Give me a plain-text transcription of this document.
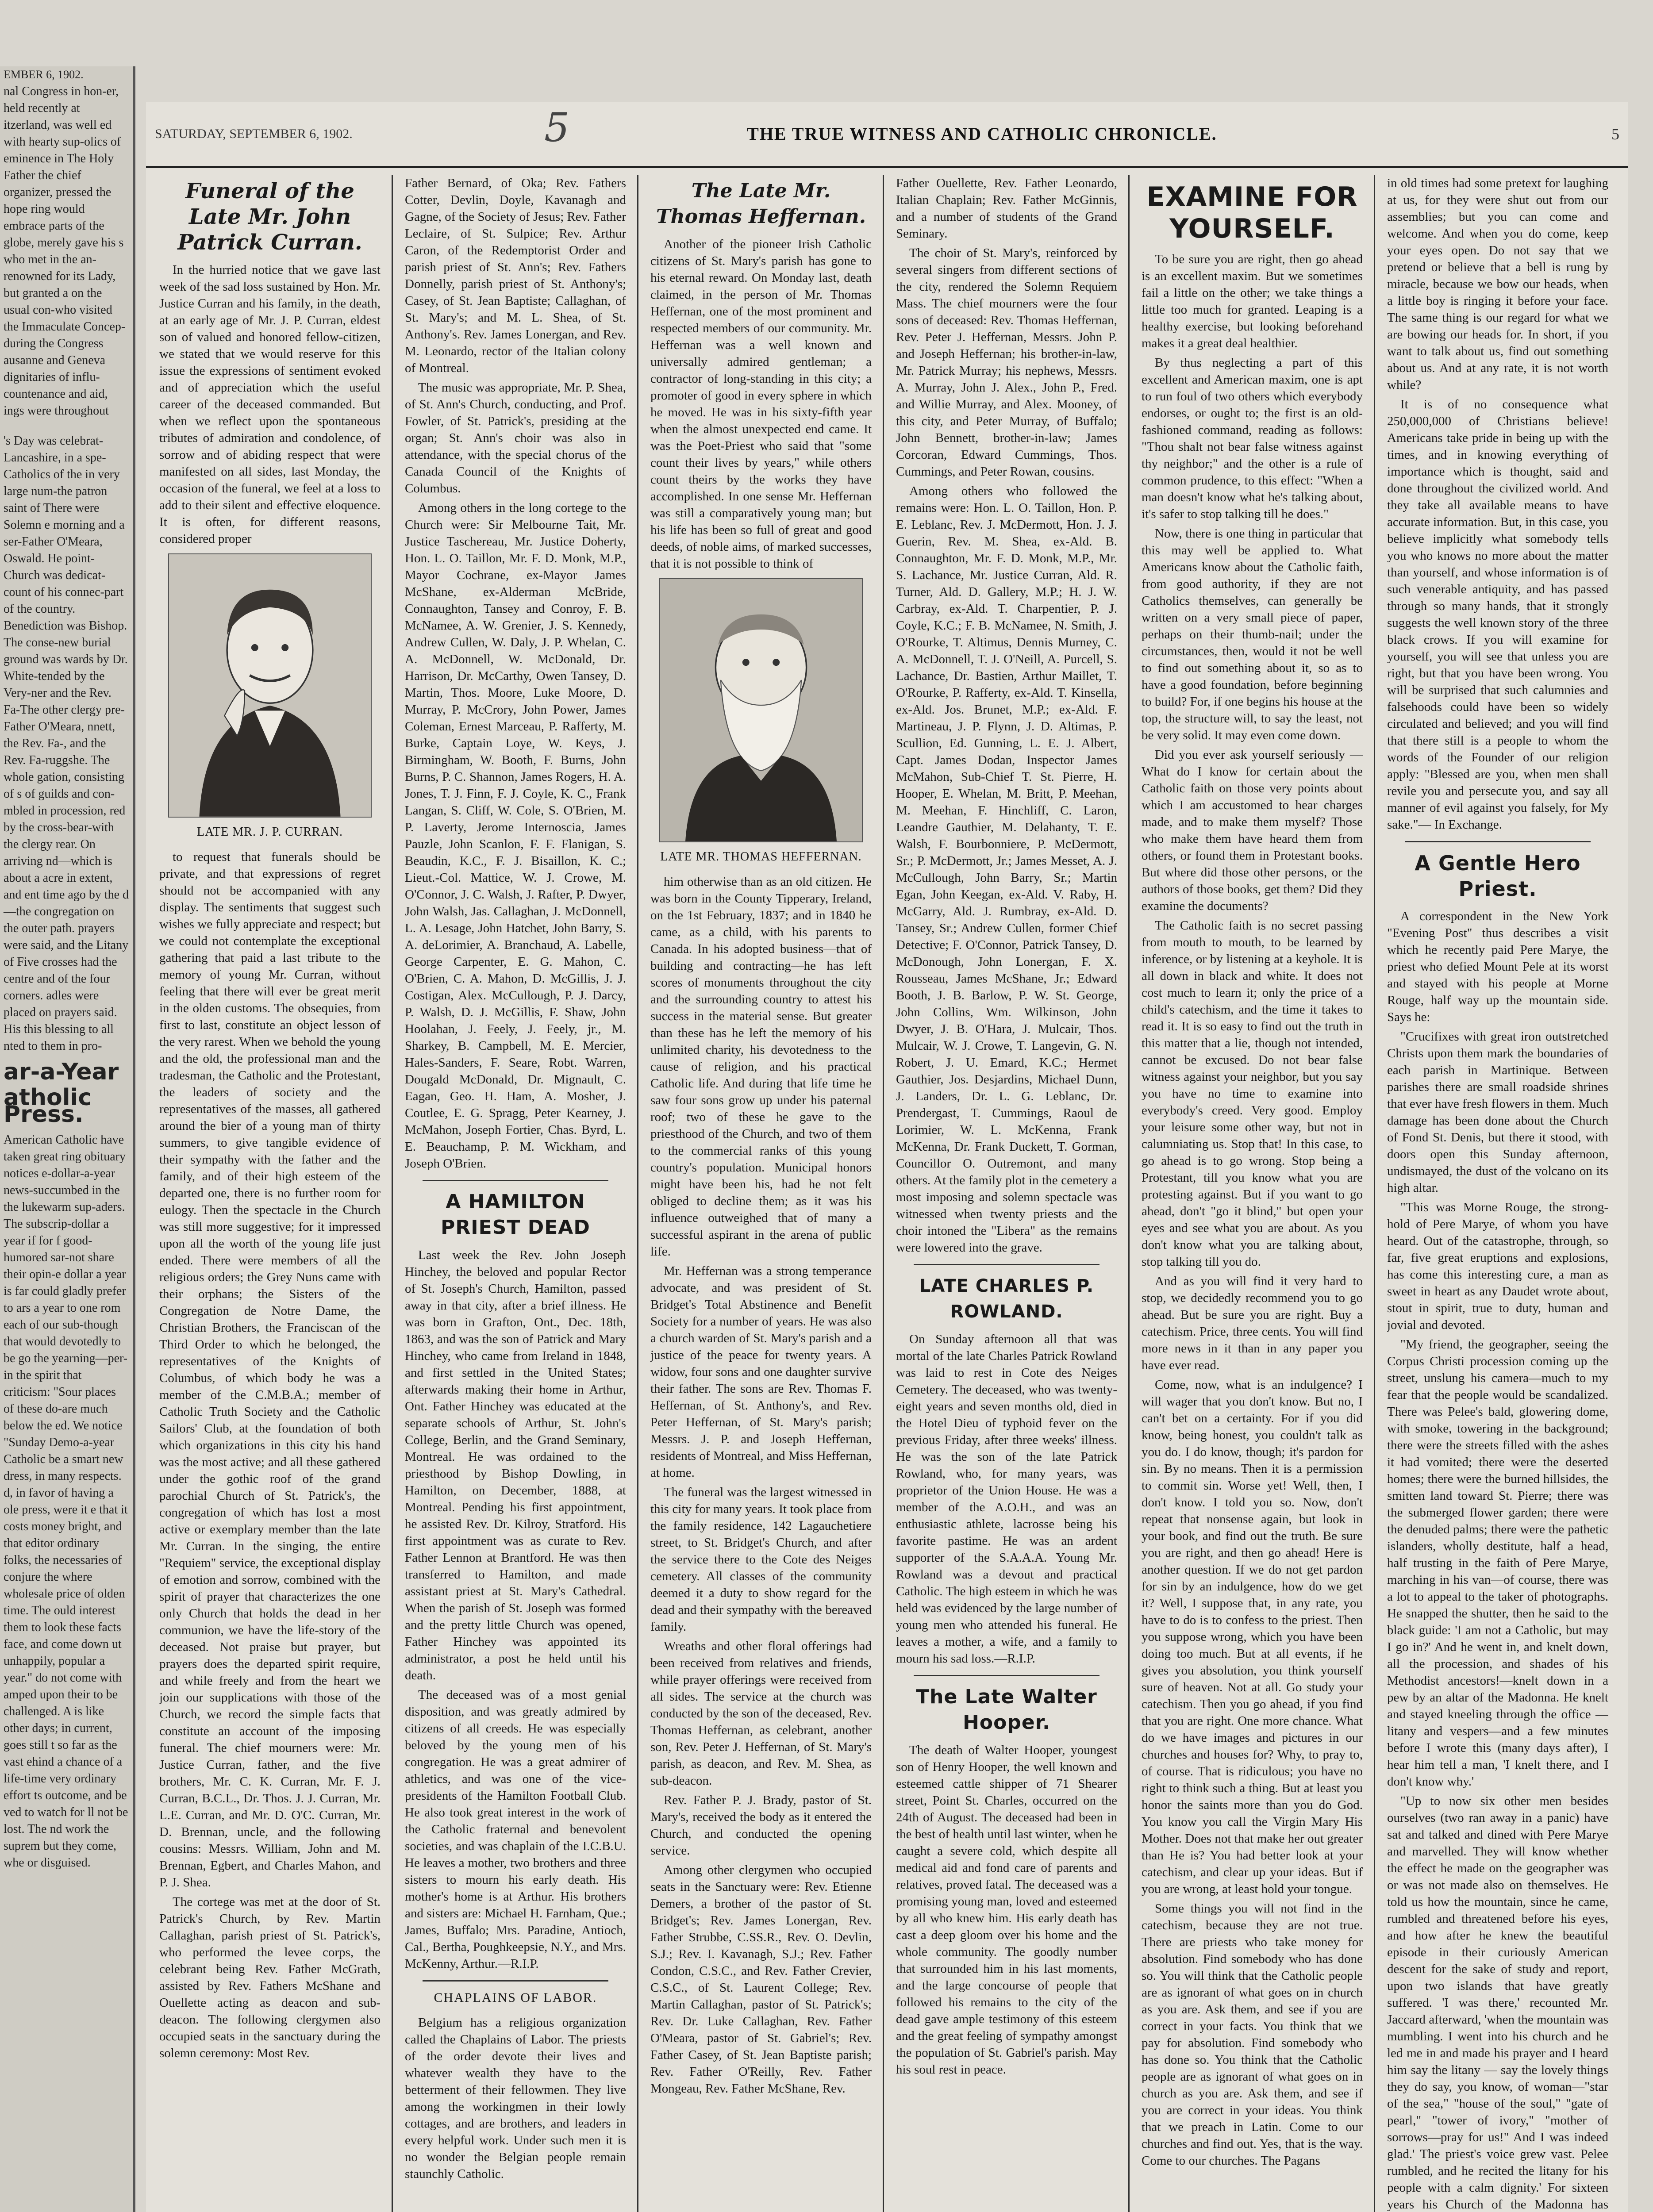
EMBER 6, 1902.

nal Congress in hon-er, held recently at itzerland, was well ed with hearty sup-olics of eminence in The Holy Father the chief organizer, pressed the hope ring would embrace parts of the globe, merely gave his s who met in the an-renowned for its Lady, but granted a on the usual con-who visited the Immaculate Concep-during the Congress ausanne and Geneva dignitaries of influ-countenance and aid, ings were throughout

's Day was celebrat-Lancashire, in a spe-Catholics of the in very large num-the patron saint of There were Solemn e morning and a ser-Father O'Meara, Oswald. He point-Church was dedicat-count of his connec-part of the country. Benediction was Bishop. The conse-new burial ground was wards by Dr. White-tended by the Very-ner and the Rev. Fa-The other clergy pre-Father O'Meara, nnett, the Rev. Fa-, and the Rev. Fa-ruggshe. The whole gation, consisting of s of guilds and con-mbled in procession, red by the cross-bear-with the clergy rear. On arriving nd—which is about a acre in extent, and ent time ago by the d—the congregation on the outer path. prayers were said, and the Litany of Five crosses had the centre and of the four corners. adles were placed on prayers said. His this blessing to all nted to them in pro-

ar-a-Year
atholic Press.

American Catholic have taken great ring obituary notices e-dollar-a-year news-succumbed in the the lukewarm sup-aders. The subscrip-dollar a year if for f good-humored sar-not share their opin-e dollar a year is far could gladly prefer to ars a year to one rom each of our sub-though that would devotedly to be go the yearning—per-in the spirit that criticism: "Sour places of these do-are much below the ed. We notice "Sunday Demo-a-year Catholic be a smart new dress, in many respects. d, in favor of having a ole press, were it e that it costs money bright, and that editor ordinary folks, the necessaries of conjure the where wholesale price of olden time. The ould interest them to look these facts face, and come down ut unhappily, popular a year." do not come with amped upon their to be challenged. A is like other days; in current, goes still t so far as the vast ehind a chance of a life-time very ordinary effort ts outcome, and be ved to watch for ll not be lost. The nd work the suprem but they come, whe or disguised.

SATURDAY, SEPTEMBER 6, 1902.	5	THE TRUE WITNESS AND CATHOLIC CHRONICLE.	5
Funeral of the Late Mr. John Patrick Curran.

In the hurried notice that we gave last week of the sad loss sustained by Hon. Mr. Justice Curran and his family, in the death, at an early age of Mr. J. P. Curran, eldest son of valued and honored fellow-citizen, we stated that we would reserve for this issue the expressions of sentiment evoked and of appreciation which the useful career of the deceased commanded. But when we reflect upon the spontaneous tributes of admiration and condolence, of sorrow and of abiding respect that were manifested on all sides, last Monday, the occasion of the funeral, we feel at a loss to add to their silent and effective eloquence. It is often, for different reasons, considered proper

LATE MR. J. P. CURRAN.

to request that funerals should be private, and that expressions of regret should not be accompanied with any display. The sentiments that suggest such wishes we fully appreciate and respect; but we could not contemplate the exceptional gathering that paid a last tribute to the memory of young Mr. Curran, without feeling that there will ever be great merit in the olden customs. The obsequies, from first to last, constitute an object lesson of the very rarest. When we behold the young and the old, the professional man and the tradesman, the Catholic and the Protestant, the leaders of society and the representatives of the masses, all gathered around the bier of a young man of thirty summers, to give tangible evidence of their sympathy with the father and the family, and of their high esteem of the departed one, there is no further room for eulogy. Then the spectacle in the Church was still more suggestive; for it impressed upon all the worth of the young life just ended. There were members of all the religious orders; the Grey Nuns came with their orphans; the Sisters of the Congregation de Notre Dame, the Christian Brothers, the Franciscan of the Third Order to which he belonged, the representatives of the Knights of Columbus, of which body he was a member of the C.M.B.A.; member of Catholic Truth Society and the Catholic Sailors' Club, at the foundation of both which organizations in this city his hand was the most active; and all these gathered under the gothic roof of the grand parochial Church of St. Patrick's, the congregation of which has lost a most active or exemplary member than the late Mr. Curran. In the singing, the entire "Requiem" service, the exceptional display of emotion and sorrow, combined with the spirit of prayer that characterizes the one only Church that holds the dead in her communion, we have the life-story of the deceased. Not praise but prayer, but prayers does the departed spirit require, and while freely and from the heart we join our supplications with those of the Church, we record the simple facts that constitute an account of the imposing funeral. The chief mourners were: Mr. Justice Curran, father, and the five brothers, Mr. C. K. Curran, Mr. F. J. Curran, B.C.L., Dr. Thos. J. J. Curran, Mr. L.E. Curran, and Mr. D. O'C. Curran, Mr. D. Brennan, uncle, and the following cousins: Messrs. William, John and M. Brennan, Egbert, and Charles Mahon, and P. J. Shea.

The cortege was met at the door of St. Patrick's Church, by Rev. Martin Callaghan, parish priest of St. Patrick's, who performed the levee corps, the celebrant being Rev. Father McGrath, assisted by Rev. Fathers McShane and Ouellette acting as deacon and sub-deacon. The following clergymen also occupied seats in the sanctuary during the solemn ceremony: Most Rev.

Father Bernard, of Oka; Rev. Fathers Cotter, Devlin, Doyle, Kavanagh and Gagne, of the Society of Jesus; Rev. Father Leclaire, of St. Sulpice; Rev. Arthur Caron, of the Redemptorist Order and parish priest of St. Ann's; Rev. Fathers Donnelly, parish priest of St. Anthony's; Casey, of St. Jean Baptiste; Callaghan, of St. Mary's; and M. L. Shea, of St. Anthony's. Rev. James Lonergan, and Rev. M. Leonardo, rector of the Italian colony of Montreal.

The music was appropriate, Mr. P. Shea, of St. Ann's Church, conducting, and Prof. Fowler, of St. Patrick's, presiding at the organ; St. Ann's choir was also in attendance, with the special chorus of the Canada Council of the Knights of Columbus.

Among others in the long cortege to the Church were: Sir Melbourne Tait, Mr. Justice Taschereau, Mr. Justice Doherty, Hon. L. O. Taillon, Mr. F. D. Monk, M.P., Mayor Cochrane, ex-Mayor James McShane, ex-Alderman McBride, Connaughton, Tansey and Conroy, F. B. McNamee, A. W. Grenier, J. S. Kennedy, Andrew Cullen, W. Daly, J. P. Whelan, C. A. McDonnell, W. McDonald, Dr. Harrison, Dr. McCarthy, Owen Tansey, D. Martin, Thos. Moore, Luke Moore, D. Murray, P. McCrory, John Power, James Coleman, Ernest Marceau, P. Rafferty, M. Burke, Captain Loye, W. Keys, J. Birmingham, W. Booth, F. Burns, John Burns, P. C. Shannon, James Rogers, H. A. Jones, T. J. Finn, F. J. Coyle, K. C., Frank Langan, S. Cliff, W. Cole, S. O'Brien, M. P. Laverty, Jerome Internoscia, James Pauzle, John Scanlon, F. F. Flanigan, S. Beaudin, K.C., F. J. Bisaillon, K. C.; Lieut.-Col. Mattice, W. J. Crowe, M. O'Connor, J. C. Walsh, J. Rafter, P. Dwyer, John Walsh, Jas. Callaghan, J. McDonnell, L. A. Lesage, John Hatchet, John Barry, S. A. deLorimier, A. Branchaud, A. Labelle, George Carpenter, E. G. Mahon, C. O'Brien, C. A. Mahon, D. McGillis, J. J. Costigan, Alex. McCullough, P. J. Darcy, P. Walsh, D. J. McGillis, F. Shaw, John Hoolahan, J. Feely, J. Feely, jr., M. Sharkey, B. Campbell, M. E. Mercier, Hales-Sanders, F. Seare, Robt. Warren, Dougald McDonald, Dr. Mignault, C. Eagan, Geo. H. Ham, A. Mosher, J. Coutlee, E. G. Spragg, Peter Kearney, J. McMahon, Joseph Fortier, Chas. Byrd, L. E. Beauchamp, P. M. Wickham, and Joseph O'Brien.

A HAMILTON PRIEST DEAD

Last week the Rev. John Joseph Hinchey, the beloved and popular Rector of St. Joseph's Church, Hamilton, passed away in that city, after a brief illness. He was born in Grafton, Ont., Dec. 18th, 1863, and was the son of Patrick and Mary Hinchey, who came from Ireland in 1848, and first settled in the United States; afterwards making their home in Arthur, Ont. Father Hinchey was educated at the separate schools of Arthur, St. John's College, Berlin, and the Grand Seminary, Montreal. He was ordained to the priesthood by Bishop Dowling, in Hamilton, on December, 1888, at Montreal. Pending his first appointment, he assisted Rev. Dr. Kilroy, Stratford. His first appointment was as curate to Rev. Father Lennon at Brantford. He was then transferred to Hamilton, and made assistant priest at St. Mary's Cathedral. When the parish of St. Joseph was formed and the pretty little Church was opened, Father Hinchey was appointed its administrator, a post he held until his death.

The deceased was of a most genial disposition, and was greatly admired by citizens of all creeds. He was especially beloved by the young men of his congregation. He was a great admirer of athletics, and was one of the vice-presidents of the Hamilton Football Club. He also took great interest in the work of the Catholic fraternal and benevolent societies, and was chaplain of the I.C.B.U. He leaves a mother, two brothers and three sisters to mourn his early death. His mother's home is at Arthur. His brothers and sisters are: Michael H. Farnham, Que.; James, Buffalo; Mrs. Paradine, Antioch, Cal., Bertha, Poughkeepsie, N.Y., and Mrs. McKenny, Arthur.—R.I.P.

CHAPLAINS OF LABOR.

Belgium has a religious organization called the Chaplains of Labor. The priests of the order devote their lives and whatever wealth they have to the betterment of their fellowmen. They live among the workingmen in their lowly cottages, and are brothers, and leaders in every helpful work. Under such men it is no wonder the Belgian people remain staunchly Catholic.

The Late Mr. Thomas Heffernan.

Another of the pioneer Irish Catholic citizens of St. Mary's parish has gone to his eternal reward. On Monday last, death claimed, in the person of Mr. Thomas Heffernan, one of the most prominent and respected members of our community. Mr. Heffernan was a well known and universally admired gentleman; a contractor of long-standing in this city; a promoter of good in every sphere in which he moved. He was in his sixty-fifth year when the almost unexpected end came. It was the Poet-Priest who said that "some count their lives by years," while others count theirs by the works they have accomplished. In one sense Mr. Heffernan was still a comparatively young man; but his life has been so full of great and good deeds, of noble aims, of marked successes, that it is not possible to think of

LATE MR. THOMAS HEFFERNAN.

him otherwise than as an old citizen. He was born in the County Tipperary, Ireland, on the 1st February, 1837; and in 1840 he came, as a child, with his parents to Canada. In his adopted business—that of building and contracting—he has left scores of monuments throughout the city and the surrounding country to attest his success in the material sense. But greater than these has he left the memory of his unlimited charity, his devotedness to the cause of religion, and his practical Catholic life. And during that life time he saw four sons grow up under his paternal roof; two of these he gave to the priesthood of the Church, and two of them to the commercial ranks of this young country's population. Municipal honors might have been his, had he not felt obliged to decline them; as it was his influence outweighed that of many a successful aspirant in the arena of public life.

Mr. Heffernan was a strong temperance advocate, and was president of St. Bridget's Total Abstinence and Benefit Society for a number of years. He was also a church warden of St. Mary's parish and a justice of the peace for twenty years. A widow, four sons and one daughter survive their father. The sons are Rev. Thomas F. Heffernan, of St. Anthony's, and Rev. Peter Heffernan, of St. Mary's parish; Messrs. J. P. and Joseph Heffernan, residents of Montreal, and Miss Heffernan, at home.

The funeral was the largest witnessed in this city for many years. It took place from the family residence, 142 Lagauchetiere street, to St. Bridget's Church, and after the service there to the Cote des Neiges cemetery. All classes of the community deemed it a duty to show regard for the dead and their sympathy with the bereaved family.

Wreaths and other floral offerings had been received from relatives and friends, while prayer offerings were received from all sides. The service at the church was conducted by the son of the deceased, Rev. Thomas Heffernan, as celebrant, another son, Rev. Peter J. Heffernan, of St. Mary's parish, as deacon, and Rev. M. Shea, as sub-deacon.

Rev. Father P. J. Brady, pastor of St. Mary's, received the body as it entered the Church, and conducted the opening service.

Among other clergymen who occupied seats in the Sanctuary were: Rev. Etienne Demers, a brother of the pastor of St. Bridget's; Rev. James Lonergan, Rev. Father Strubbe, C.SS.R., Rev. O. Devlin, S.J.; Rev. I. Kavanagh, S.J.; Rev. Father Condon, C.S.C., and Rev. Father Crevier, C.S.C., of St. Laurent College; Rev. Martin Callaghan, pastor of St. Patrick's; Rev. Dr. Luke Callaghan, Rev. Father O'Meara, pastor of St. Gabriel's; Rev. Father Casey, of St. Jean Baptiste parish; Rev. Father O'Reilly, Rev. Father Mongeau, Rev. Father McShane, Rev.

Father Ouellette, Rev. Father Leonardo, Italian Chaplain; Rev. Father McGinnis, and a number of students of the Grand Seminary.

The choir of St. Mary's, reinforced by several singers from different sections of the city, rendered the Solemn Requiem Mass. The chief mourners were the four sons of deceased: Rev. Thomas Heffernan, Rev. Peter J. Heffernan, Messrs. John P. and Joseph Heffernan; his brother-in-law, Mr. Patrick Murray; his nephews, Messrs. A. Murray, John J. Alex., John P., Fred. and Willie Murray, and Alex. Mooney, of this city, and Peter Murray, of Buffalo; John Bennett, brother-in-law; James Corcoran, Edward Cummings, Thos. Cummings, and Peter Rowan, cousins.

Among others who followed the remains were: Hon. L. O. Taillon, Hon. P. E. Leblanc, Rev. J. McDermott, Hon. J. J. Guerin, Rev. M. Shea, ex-Ald. B. Connaughton, Mr. F. D. Monk, M.P., Mr. S. Lachance, Mr. Justice Curran, Ald. R. Turner, Ald. D. Gallery, M.P.; H. J. W. Carbray, ex-Ald. T. Charpentier, P. J. Coyle, K.C.; F. B. McNamee, N. Smith, J. O'Rourke, T. Altimus, Dennis Murney, C. A. McDonnell, T. J. O'Neill, A. Purcell, S. Lachance, Dr. Bastien, Arthur Maillet, T. O'Rourke, P. Rafferty, ex-Ald. T. Kinsella, ex-Ald. Jos. Brunet, M.P.; ex-Ald. F. Martineau, J. P. Flynn, J. D. Altimas, P. Scullion, Ed. Gunning, L. E. J. Albert, Capt. James Dodan, Inspector James McMahon, Sub-Chief T. St. Pierre, H. Hooper, E. Whelan, M. Britt, P. Meehan, M. Meehan, F. Hinchliff, C. Laron, Leandre Gauthier, M. Delahanty, T. E. Walsh, F. Bourbonniere, P. McDermott, Sr.; P. McDermott, Jr.; James Messet, A. J. McCullough, John Barry, Sr.; Martin Egan, John Keegan, ex-Ald. V. Raby, H. McGarry, Ald. J. Rumbray, ex-Ald. D. Tansey, Sr.; Andrew Cullen, former Chief Detective; F. O'Connor, Patrick Tansey, D. McDonough, John Lonergan, F. X. Rousseau, James McShane, Jr.; Edward Booth, J. B. Barlow, P. W. St. George, John Collins, Wm. Wilkinson, John Dwyer, J. B. O'Hara, J. Mulcair, Thos. Mulcair, W. J. Crowe, T. Langevin, G. N. Robert, J. U. Emard, K.C.; Hermet Gauthier, Jos. Desjardins, Michael Dunn, J. Landers, Dr. L. G. Leblanc, Dr. Prendergast, T. Cummings, Raoul de Lorimier, W. L. McKenna, Frank McKenna, Dr. Frank Duckett, T. Gorman, Councillor O. Outremont, and many others. At the family plot in the cemetery a most imposing and solemn spectacle was witnessed when twenty priests and the choir intoned the "Libera" as the remains were lowered into the grave.

LATE CHARLES P. ROWLAND.

On Sunday afternoon all that was mortal of the late Charles Patrick Rowland was laid to rest in Cote des Neiges Cemetery. The deceased, who was twenty-eight years and seven months old, died in the Hotel Dieu of typhoid fever on the previous Friday, after three weeks' illness. He was the son of the late Patrick Rowland, who, for many years, was proprietor of the Union House. He was a member of the A.O.H., and was an enthusiastic athlete, lacrosse being his favorite pastime. He was an ardent supporter of the S.A.A.A. Young Mr. Rowland was a devout and practical Catholic. The high esteem in which he was held was evidenced by the large number of young men who attended his funeral. He leaves a mother, a wife, and a family to mourn his sad loss.—R.I.P.

The Late Walter Hooper.

The death of Walter Hooper, youngest son of Henry Hooper, the well known and esteemed cattle shipper of 71 Shearer street, Point St. Charles, occurred on the 24th of August. The deceased had been in the best of health until last winter, when he caught a severe cold, which despite all medical aid and fond care of parents and relatives, proved fatal. The deceased was a promising young man, loved and esteemed by all who knew him. His early death has cast a deep gloom over his home and the whole community. The goodly number that surrounded him in his last moments, and the large concourse of people that followed his remains to the city of the dead gave ample testimony of this esteem and the great feeling of sympathy amongst the population of St. Gabriel's parish. May his soul rest in peace.

EXAMINE FOR YOURSELF.

To be sure you are right, then go ahead is an excellent maxim. But we sometimes fail a little on the other; we take things a little too much for granted. Leaping is a healthy exercise, but looking beforehand makes it a great deal healthier.

By thus neglecting a part of this excellent and American maxim, one is apt to run foul of two others which everybody endorses, or ought to; the first is an old-fashioned command, reading as follows: "Thou shalt not bear false witness against thy neighbor;" and the other is a rule of common prudence, to this effect: "When a man doesn't know what he's talking about, it's safer to stop talking till he does."

Now, there is one thing in particular that this may well be applied to. What Americans know about the Catholic faith, from good authority, if they are not Catholics themselves, can generally be written on a very small piece of paper, perhaps on their thumb-nail; under the circumstances, then, would it not be well to find out something about it, so as to have a good foundation, before beginning to build? For, if one begins his house at the top, the structure will, to say the least, not be very solid. It may even come down.

Did you ever ask yourself seriously —What do I know for certain about the Catholic faith on those very points about which I am accustomed to hear charges made, and to make them myself? Those who make them have heard them from others, or found them in Protestant books. But where did those other persons, or the authors of those books, get them? Did they examine the documents?

The Catholic faith is no secret passing from mouth to mouth, to be learned by inference, or by listening at a keyhole. It is all down in black and white. It does not cost much to learn it; only the price of a child's catechism, and the time it takes to read it. It is so easy to find out the truth in this matter that a lie, though not intended, cannot be excused. Do not bear false witness against your neighbor, but you say you have no time to examine into everybody's creed. Very good. Employ your leisure some other way, but not in calumniating us. Stop that! In this case, to go ahead is to go wrong. Stop being a Protestant, till you know what you are protesting against. But if you want to go ahead, don't "go it blind," but open your eyes and see what you are about. As you don't know what you are talking about, stop talking till you do.

And as you will find it very hard to stop, we decidedly recommend you to go ahead. But be sure you are right. Buy a catechism. Price, three cents. You will find more news in it than in any paper you have ever read.

Come, now, what is an indulgence? I will wager that you don't know. But no, I can't bet on a certainty. For if you did know, being honest, you couldn't talk as you do. I do know, though; it's pardon for sin. By no means. Then it is a permission to commit sin. Worse yet! Well, then, I don't know. I told you so. Now, don't repeat that nonsense again, but look in your book, and find out the truth. Be sure you are right, and then go ahead! Here is another question. If we do not get pardon for sin by an indulgence, how do we get it? Well, I suppose that, in any rate, you have to do is to confess to the priest. Then you suppose wrong, which you have been doing too much. But at all events, if he gives you absolution, you think yourself sure of heaven. Not at all. Go study your catechism. Then you go ahead, if you find that you are right. One more chance. What do we have images and pictures in our churches and houses for? Why, to pray to, of course. That is ridiculous; you have no right to think such a thing. But at least you honor the saints more than you do God. You know you call the Virgin Mary His Mother. Does not that make her out greater than He is? You had better look at your catechism, and clear up your ideas. But if you are wrong, at least hold your tongue.

Some things you will not find in the catechism, because they are not true. There are priests who take money for absolution. Find somebody who has done so. You will think that the Catholic people are as ignorant of what goes on in church as you are. Ask them, and see if you are correct in your facts. You think that we pay for absolution. Find somebody who has done so. You think that the Catholic people are as ignorant of what goes on in church as you are. Ask them, and see if you are correct in your ideas. You think that we preach in Latin. Come to our churches and find out. Yes, that is the way. Come to our churches. The Pagans

in old times had some pretext for laughing at us, for they were shut out from our assemblies; but you can come and welcome. And when you do come, keep your eyes open. Do not say that we pretend or believe that a bell is rung by miracle, because we bow our heads, when a little boy is ringing it before your face. The same thing is our regard for what we are bowing our heads for. In short, if you want to talk about us, find out something about us. And at any rate, it is not worth while?

It is of no consequence what 250,000,000 of Christians believe! Americans take pride in being up with the times, and in knowing everything of importance which is thought, said and done throughout the civilized world. And they take all available means to have accurate information. But, in this case, you believe implicitly what somebody tells you who knows no more about the matter than yourself, and whose information is of such venerable antiquity, and has passed through so many hands, that it strongly suggests the well known story of the three black crows. If you will examine for yourself, you will see that unless you are right, but that you have been wrong. You will be surprised that such calumnies and falsehoods could have been so widely circulated and believed; and you will find that there still is a people to whom the words of the Founder of our religion apply: "Blessed are you, when men shall revile you and persecute you, and say all manner of evil against you falsely, for My sake."— In Exchange.

A Gentle Hero Priest.

A correspondent in the New York "Evening Post" thus describes a visit which he recently paid Pere Marye, the priest who defied Mount Pele at its worst and stayed with his people at Morne Rouge, half way up the mountain side. Says he:

"Crucifixes with great iron outstretched Christs upon them mark the boundaries of each parish in Martinique. Between parishes there are small roadside shrines that ever have fresh flowers in them. Much damage has been done about the Church of Fond St. Denis, but there it stood, with doors open this Sunday afternoon, undismayed, the dust of the volcano on its high altar.

"This was Morne Rouge, the strong-hold of Pere Marye, of whom you have heard. Out of the catastrophe, through, so far, five great eruptions and explosions, has come this interesting cure, a man as sweet in heart as any Daudet wrote about, stout in spirit, true to duty, human and jovial and devoted.

"My friend, the geographer, seeing the Corpus Christi procession coming up the street, unslung his camera—much to my fear that the people would be scandalized. There was Pelee's bald, glowering dome, with smoke, towering in the background; there were the streets filled with the ashes it had vomited; there were the deserted homes; there were the burned hillsides, the smitten land toward St. Pierre; there was the submerged flower garden; there were the denuded palms; there were the pathetic islanders, wholly destitute, half a head, half trusting in the faith of Pere Marye, marching in his van—of course, there was a lot to appeal to the taker of photographs. He snapped the shutter, then he said to the black guide: 'I am not a Catholic, but may I go in?' And he went in, and knelt down, all the procession, and shades of his Methodist ancestors!—knelt down in a pew by an altar of the Madonna. He knelt and stayed kneeling through the office — litany and vespers—and a few minutes before I wrote this (many days after), I hear him tell a man, 'I knelt there, and I don't know why.'

"Up to now six other men besides ourselves (two ran away in a panic) have sat and talked and dined with Pere Marye and marvelled. They will know whether the effect he made on the geographer was or was not made also on themselves. He told us how the mountain, since he came, rumbled and threatened before his eyes, and how after he knew the beautiful episode in their curiously American descent for the sake of study and report, upon two islands that have greatly suffered. 'I was there,' recounted Mr. Jaccard afterward, 'when the mountain was mumbling. I went into his church and he led me in and made his prayer and I heard him say the litany — say the lovely things they do say, you know, of woman—"star of the sea," "house of the soul," "gate of pearl," "tower of ivory," "mother of sorrows—pray for us!" And I was indeed glad.' The priest's voice grew vast. Pelee rumbled, and he recited the litany for his people with a calm dignity.' For sixteen years his Church of the Madonna has
